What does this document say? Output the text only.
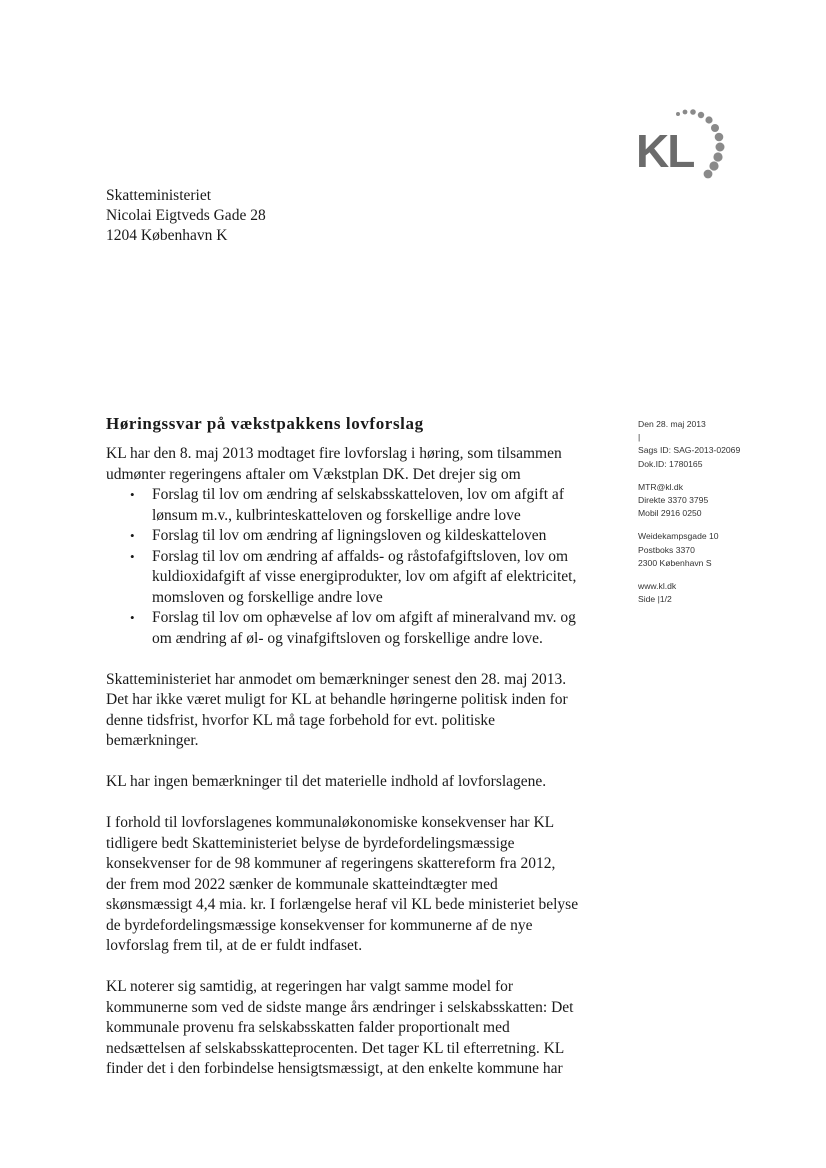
KL
Skatteministeriet
Nicolai Eigtveds Gade 28
1204 København K
Høringssvar på vækstpakkens lovforslag	Den 28. maj 2013
|
Sags ID: SAG-2013-02069
Dok.ID: 1780165
MTR@kl.dk
Direkte 3370 3795
Mobil 2916 0250
Weidekampsgade 10
Postboks 3370
2300 København S
www.kl.dk
Side |1/2

KL har den 8. maj 2013 modtaget fire lovforslag i høring, som tilsammen

udmønter regeringens aftaler om Vækstplan DK. Det drejer sig om

• Forslag til lov om ændring af selskabsskatteloven, lov om afgift af
lønsum m.v., kulbrinteskatteloven og forskellige andre love
• Forslag til lov om ændring af ligningsloven og kildeskatteloven
• Forslag til lov om ændring af affalds- og råstofafgiftsloven, lov om
kuldioxidafgift af visse energiprodukter, lov om afgift af elektricitet,
momsloven og forskellige andre love
• Forslag til lov om ophævelse af lov om afgift af mineralvand mv. og
om ændring af øl- og vinafgiftsloven og forskellige andre love.

Skatteministeriet har anmodet om bemærkninger senest den 28. maj 2013.

Det har ikke været muligt for KL at behandle høringerne politisk inden for

denne tidsfrist, hvorfor KL må tage forbehold for evt. politiske

bemærkninger.

KL har ingen bemærkninger til det materielle indhold af lovforslagene.

I forhold til lovforslagenes kommunaløkonomiske konsekvenser har KL

tidligere bedt Skatteministeriet belyse de byrdefordelingsmæssige

konsekvenser for de 98 kommuner af regeringens skattereform fra 2012,

der frem mod 2022 sænker de kommunale skatteindtægter med

skønsmæssigt 4,4 mia. kr. I forlængelse heraf vil KL bede ministeriet belyse

de byrdefordelingsmæssige konsekvenser for kommunerne af de nye

lovforslag frem til, at de er fuldt indfaset.

KL noterer sig samtidig, at regeringen har valgt samme model for

kommunerne som ved de sidste mange års ændringer i selskabsskatten: Det

kommunale provenu fra selskabsskatten falder proportionalt med

nedsættelsen af selskabsskatteprocenten. Det tager KL til efterretning. KL

finder det i den forbindelse hensigtsmæssigt, at den enkelte kommune har
